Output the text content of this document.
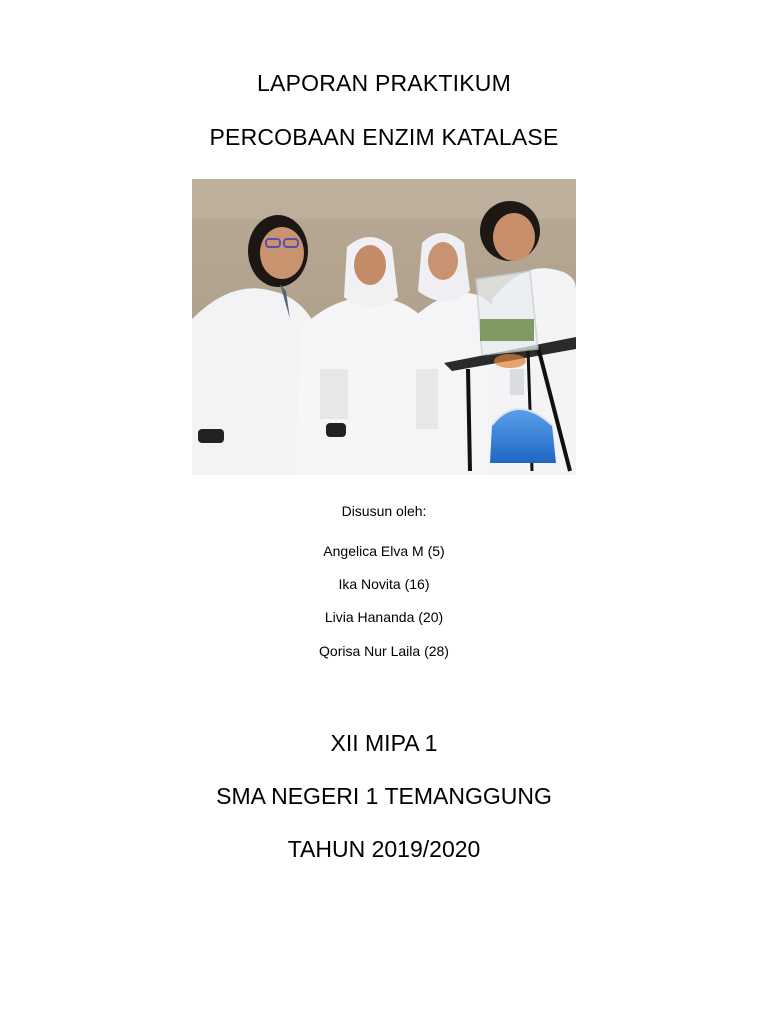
LAPORAN PRAKTIKUM
PERCOBAAN ENZIM KATALASE
Disusun oleh:
Angelica Elva M (5)
Ika Novita (16)
Livia Hananda (20)
Qorisa Nur Laila (28)
XII MIPA 1
SMA NEGERI 1 TEMANGGUNG
TAHUN 2019/2020
